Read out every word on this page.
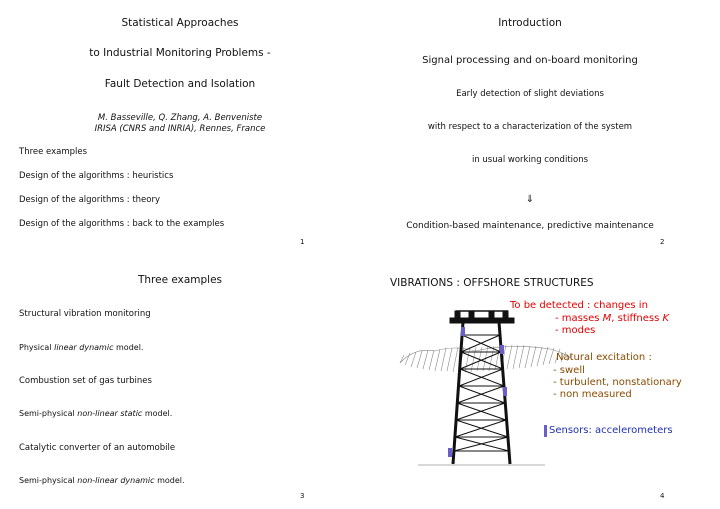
Statistical Approaches
to Industrial Monitoring Problems -
Fault Detection and Isolation
M. Basseville, Q. Zhang, A. Benveniste
IRISA (CNRS and INRIA), Rennes, France
Three examples
Design of the algorithms : heuristics
Design of the algorithms : theory
Design of the algorithms : back to the examples
1
Introduction
Signal processing and on-board monitoring
Early detection of slight deviations
with respect to a characterization of the system
in usual working conditions
⇓
Condition-based maintenance, predictive maintenance
2
Three examples
Structural vibration monitoring
Physical linear dynamic model.
Combustion set of gas turbines
Semi-physical non-linear static model.
Catalytic converter of an automobile
Semi-physical non-linear dynamic model.
3
VIBRATIONS : OFFSHORE STRUCTURES
To be detected : changes in
- masses M, stiffness K
- modes
Natural excitation :
- swell
- turbulent, nonstationary
- non measured
Sensors: accelerometers
4
